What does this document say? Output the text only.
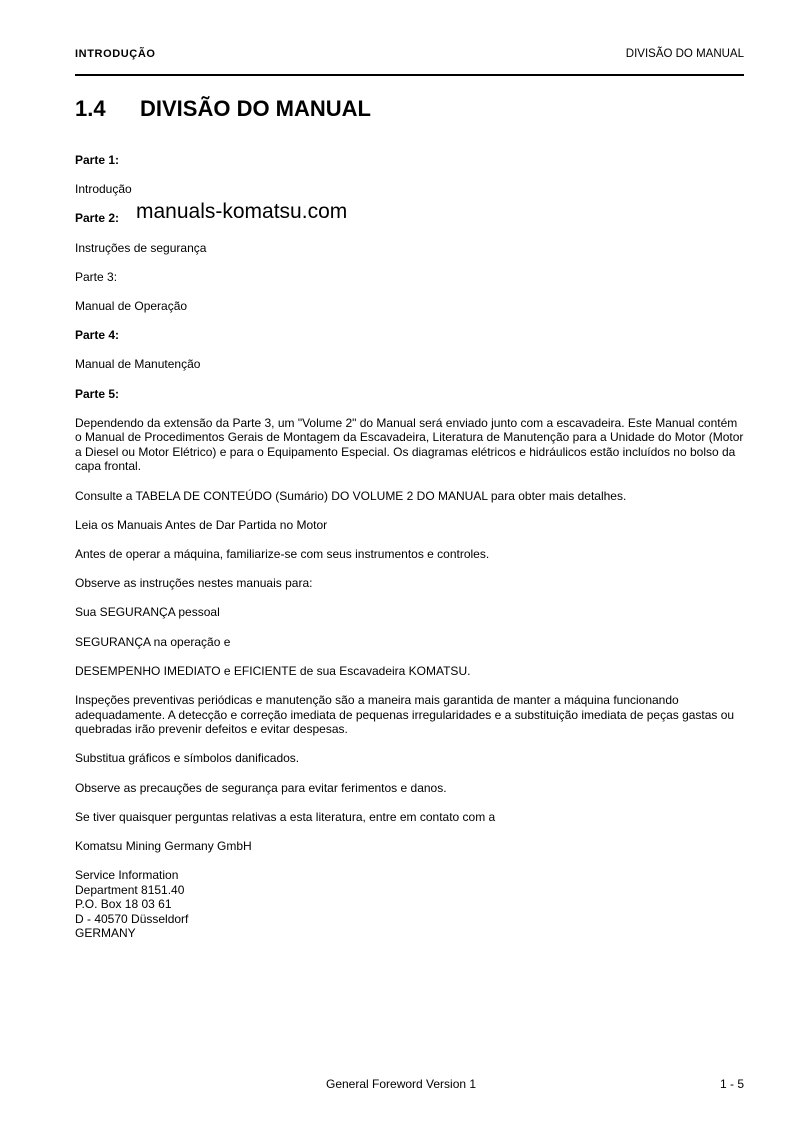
INTRODUÇÃO	DIVISÃO DO MANUAL
1.4 DIVISÃO DO MANUAL
manuals-komatsu.com

Parte 1:

Introdução

Parte 2:

Instruções de segurança

Parte 3:

Manual de Operação

Parte 4:

Manual de Manutenção

Parte 5:

Dependendo da extensão da Parte 3, um "Volume 2" do Manual será enviado junto com a escavadeira. Este Manual contém o Manual de Procedimentos Gerais de Montagem da Escavadeira, Literatura de Manutenção para a Unidade do Motor (Motor a Diesel ou Motor Elétrico) e para o Equipamento Especial. Os diagramas elétricos e hidráulicos estão incluídos no bolso da capa frontal.

Consulte a TABELA DE CONTEÚDO (Sumário) DO VOLUME 2 DO MANUAL para obter mais detalhes.

Leia os Manuais Antes de Dar Partida no Motor

Antes de operar a máquina, familiarize-se com seus instrumentos e controles.

Observe as instruções nestes manuais para:

Sua SEGURANÇA pessoal

SEGURANÇA na operação e

DESEMPENHO IMEDIATO e EFICIENTE de sua Escavadeira KOMATSU.

Inspeções preventivas periódicas e manutenção são a maneira mais garantida de manter a máquina funcionando adequadamente. A detecção e correção imediata de pequenas irregularidades e a substituição imediata de peças gastas ou quebradas irão prevenir defeitos e evitar despesas.

Substitua gráficos e símbolos danificados.

Observe as precauções de segurança para evitar ferimentos e danos.

Se tiver quaisquer perguntas relativas a esta literatura, entre em contato com a

Komatsu Mining Germany GmbH

Service Information

Department 8151.40

P.O. Box 18 03 61

D - 40570 Düsseldorf

GERMANY

General Foreword Version 1	1 - 5
